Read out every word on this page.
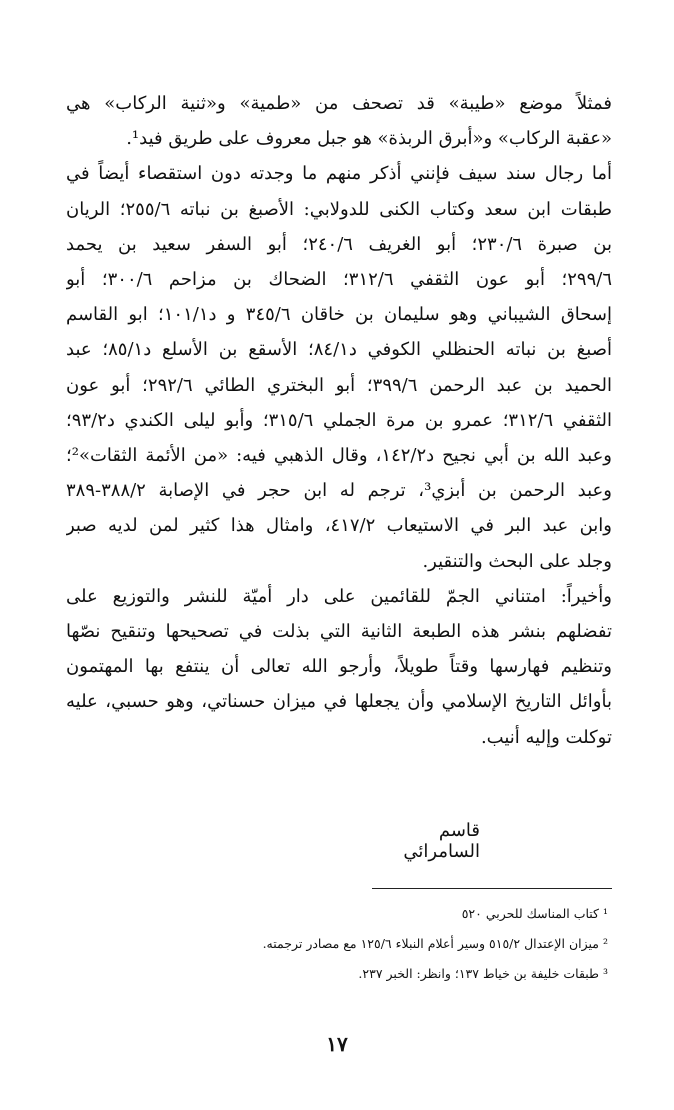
فمثلاً موضع «طيبة» قد تصحف من «طمية» و«ثنية الركاب» هي
«عقبة الركاب» و«أبرق الربذة» هو جبل معروف على طريق فيد¹.
أما رجال سند سيف فإنني أذكر منهم ما وجدته دون استقصاء أيضاً في
طبقات ابن سعد وكتاب الكنى للدولابي: الأصبغ بن نباته ٢٥٥/٦؛ الريان
بن صبرة ٢٣٠/٦؛ أبو الغريف ٢٤٠/٦؛ أبو السفر سعيد بن يحمد
٢٩٩/٦؛ أبو عون الثقفي ٣١٢/٦؛ الضحاك بن مزاحم ٣٠٠/٦؛ أبو
إسحاق الشيباني وهو سليمان بن خاقان ٣٤٥/٦ و د١٠١/١؛ ابو القاسم
أصبغ بن نباته الحنظلي الكوفي د٨٤/١؛ الأسقع بن الأسلع د٨٥/١؛ عبد
الحميد بن عبد الرحمن ٣٩٩/٦؛ أبو البختري الطائي ٢٩٢/٦؛ أبو عون
الثقفي ٣١٢/٦؛ عمرو بن مرة الجملي ٣١٥/٦؛ وأبو ليلى الكندي د٩٣/٢؛
وعبد الله بن أبي نجيح د١٤٢/٢، وقال الذهبي فيه: «من الأئمة الثقات»²؛
وعبد الرحمن بن أبزي³، ترجم له ابن حجر في الإصابة ٣٨٨/٢-٣٨٩
وابن عبد البر في الاستيعاب ٤١٧/٢، وامثال هذا كثير لمن لديه صبر
وجلد على البحث والتنقير.
وأخيراً: امتناني الجمّ للقائمين على دار أميّة للنشر والتوزيع على
تفضلهم بنشر هذه الطبعة الثانية التي بذلت في تصحيحها وتنقيح نصّها
وتنظيم فهارسها وقتاً طويلاً، وأرجو الله تعالى أن ينتفع بها المهتمون
بأوائل التاريخ الإسلامي وأن يجعلها في ميزان حسناتي، وهو حسبي، عليه
توكلت وإليه أنيب.
قاسم السامرائي
¹ كتاب المناسك للحربي ٥٢٠
² ميزان الإعتدال ٥١٥/٢ وسير أعلام النبلاء ١٢٥/٦ مع مصادر ترجمته.
³ طبقات خليفة بن خياط ١٣٧؛ وانظر: الخبر ٢٣٧.
١٧
